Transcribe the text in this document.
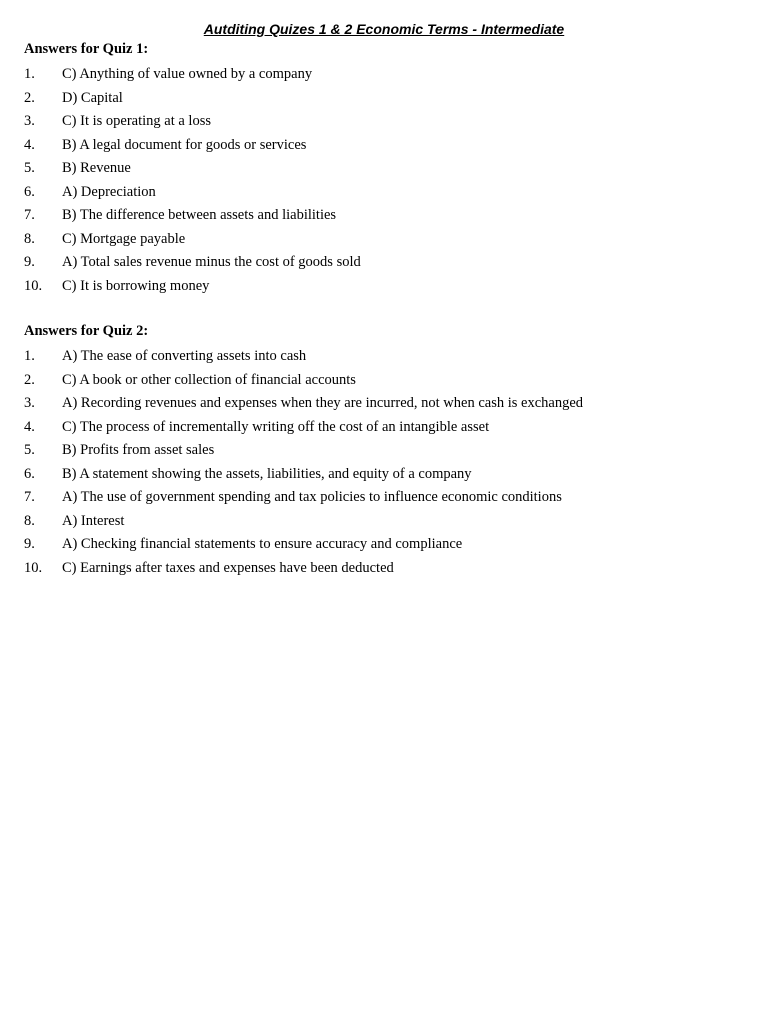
Autditing Quizes 1 & 2 Economic Terms - Intermediate
Answers for Quiz 1:
1.	C) Anything of value owned by a company
2.	D) Capital
3.	C) It is operating at a loss
4.	B) A legal document for goods or services
5.	B) Revenue
6.	A) Depreciation
7.	B) The difference between assets and liabilities
8.	C) Mortgage payable
9.	A) Total sales revenue minus the cost of goods sold
10.	C) It is borrowing money
Answers for Quiz 2:
1.	A) The ease of converting assets into cash
2.	C) A book or other collection of financial accounts
3.	A) Recording revenues and expenses when they are incurred, not when cash is exchanged
4.	C) The process of incrementally writing off the cost of an intangible asset
5.	B) Profits from asset sales
6.	B) A statement showing the assets, liabilities, and equity of a company
7.	A) The use of government spending and tax policies to influence economic conditions
8.	A) Interest
9.	A) Checking financial statements to ensure accuracy and compliance
10.	C) Earnings after taxes and expenses have been deducted
